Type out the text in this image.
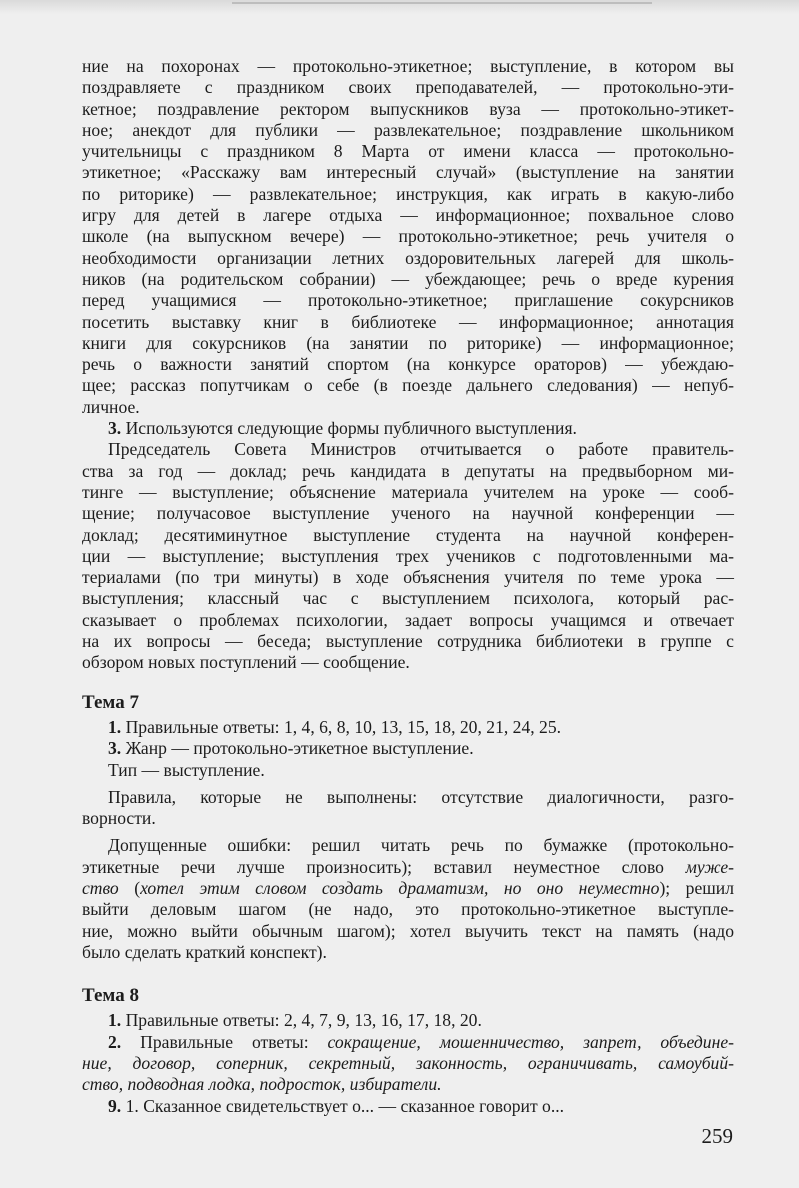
ние на похоронах — протокольно-этикетное; выступление, в котором вы
поздравляете с праздником своих преподавателей, — протокольно-эти-
кетное; поздравление ректором выпускников вуза — протокольно-этикет-
ное; анекдот для публики — развлекательное; поздравление школьником
учительницы с праздником 8 Марта от имени класса — протокольно-
этикетное; «Расскажу вам интересный случай» (выступление на занятии
по риторике) — развлекательное; инструкция, как играть в какую-либо
игру для детей в лагере отдыха — информационное; похвальное слово
школе (на выпускном вечере) — протокольно-этикетное; речь учителя о
необходимости организации летних оздоровительных лагерей для школь-
ников (на родительском собрании) — убеждающее; речь о вреде курения
перед учащимися — протокольно-этикетное; приглашение сокурсников
посетить выставку книг в библиотеке — информационное; аннотация
книги для сокурсников (на занятии по риторике) — информационное;
речь о важности занятий спортом (на конкурсе ораторов) — убеждаю-
щее; рассказ попутчикам о себе (в поезде дальнего следования) — непуб-
личное.

3. Используются следующие формы публичного выступления.

Председатель Совета Министров отчитывается о работе правитель-
ства за год — доклад; речь кандидата в депутаты на предвыборном ми-
тинге — выступление; объяснение материала учителем на уроке — сооб-
щение; получасовое выступление ученого на научной конференции —
доклад; десятиминутное выступление студента на научной конферен-
ции — выступление; выступления трех учеников с подготовленными ма-
териалами (по три минуты) в ходе объяснения учителя по теме урока —
выступления; классный час с выступлением психолога, который рас-
сказывает о проблемах психологии, задает вопросы учащимся и отвечает
на их вопросы — беседа; выступление сотрудника библиотеки в группе с
обзором новых поступлений — сообщение.
Тема 7

1. Правильные ответы: 1, 4, 6, 8, 10, 13, 15, 18, 20, 21, 24, 25.

3. Жанр — протокольно-этикетное выступление.

Тип — выступление.

Правила, которые не выполнены: отсутствие диалогичности, разго-
ворности.
Допущенные ошибки: решил читать речь по бумажке (протокольно-
этикетные речи лучше произносить); вставил неуместное слово муже-
ство (хотел этим словом создать драматизм, но оно неуместно); решил
выйти деловым шагом (не надо, это протокольно-этикетное выступле-
ние, можно выйти обычным шагом); хотел выучить текст на память (надо
было сделать краткий конспект).
Тема 8

1. Правильные ответы: 2, 4, 7, 9, 13, 16, 17, 18, 20.

2. Правильные ответы: сокращение, мошенничество, запрет, объедине-
ние, договор, соперник, секретный, законность, ограничивать, самоубий-
ство, подводная лодка, подросток, избиратели.

9. 1. Сказанное свидетельствует о... — сказанное говорит о...

259
